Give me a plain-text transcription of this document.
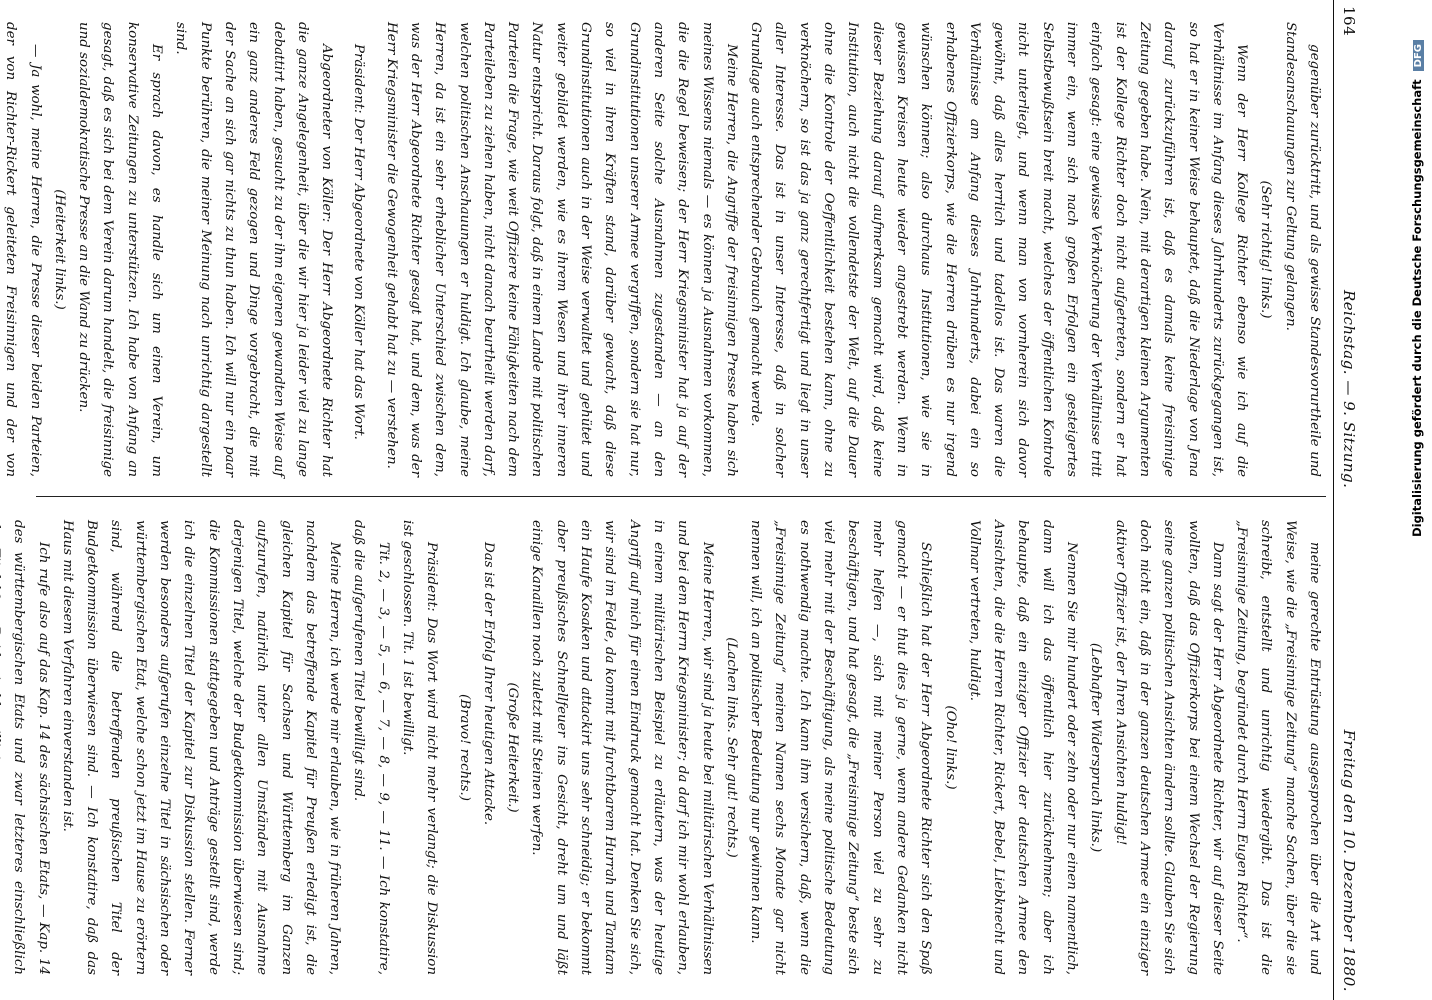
164
Reichstag. — 9. Sitzung.
Freitag den 10. Dezember 1880.

gegenüber zurücktritt, und als gewisse Standesvorurtheile und Standesanschauungen zur Geltung gelangen.

(Sehr richtig! links.)

Wenn der Herr Kollege Richter ebenso wie ich auf die Verhältnisse im Anfang dieses Jahrhunderts zurückgegangen ist, so hat er in keiner Weise behauptet, daß die Niederlage von Jena darauf zurückzuführen ist, daß es damals keine freisinnige Zeitung gegeben habe. Nein, mit derartigen kleinen Argumenten ist der Kollege Richter doch nicht aufgetreten, sondern er hat einfach gesagt: eine gewisse Verknöcherung der Verhältnisse tritt immer ein, wenn sich nach großen Erfolgen ein gesteigertes Selbstbewußtsein breit macht, welches der öffentlichen Kontrole nicht unterliegt, und wenn man von vornherein sich davor gewöhnt, daß alles herrlich und tadellos ist. Das waren die Verhältnisse am Anfang dieses Jahrhunderts, dabei ein so erhabenes Offizierkorps, wie die Herren drüben es nur irgend wünschen können; also durchaus Institutionen, wie sie in gewissen Kreisen heute wieder angestrebt werden. Wenn in dieser Beziehung darauf aufmerksam gemacht wird, daß keine Institution, auch nicht die vollendetste der Welt, auf die Dauer ohne die Kontrole der Oeffentlichkeit bestehen kann, ohne zu verknöchern, so ist das ja ganz gerechtfertigt und liegt in unser aller Interesse. Das ist in unser Interesse, daß in solcher Grundlage auch entsprechender Gebrauch gemacht werde.

Meine Herren, die Angriffe der freisinnigen Presse haben sich meines Wissens niemals — es können ja Ausnahmen vorkommen, die die Regel beweisen; der Herr Kriegsminister hat ja auf der anderen Seite solche Ausnahmen zugestanden — an den Grundinstitutionen unserer Armee vergriffen, sondern sie hat nur, so viel in ihren Kräften stand, darüber gewacht, daß diese Grundinstitutionen auch in der Weise verwaltet und gehütet und weiter gebildet werden, wie es ihrem Wesen und ihrer inneren Natur entspricht. Daraus folgt, daß in einem Lande mit politischen Parteien die Frage, wie weit Offiziere keine Fähigkeiten nach dem Parteileben zu ziehen haben, nicht danach beurtheilt werden darf, welchen politischen Anschauungen er huldigt. Ich glaube, meine Herren, da ist ein sehr erheblicher Unterschied zwischen dem, was der Herr Abgeordnete Richter gesagt hat, und dem, was der Herr Kriegsminister die Gewogenheit gehabt hat zu — verstehen.

Präsident: Der Herr Abgeordnete von Köller hat das Wort.

Abgeordneter von Köller: Der Herr Abgeordnete Richter hat die ganze Angelegenheit, über die wir hier ja leider viel zu lange debattirt haben, gesucht zu der ihm eigenen gewandten Weise auf ein ganz anderes Feld gezogen und Dinge vorgebracht, die mit der Sache an sich gar nichts zu thun haben. Ich will nur ein paar Punkte berühren, die meiner Meinung nach unrichtig dargestellt sind.

Er sprach davon, es handle sich um einen Verein, um konservative Zeitungen zu unterstützen. Ich habe von Anfang an gesagt, daß es sich bei dem Verein darum handelt, die freisinnige und sozialdemokratische Presse an die Wand zu drücken.

(Heiterkeit links.)

— Ja wohl, meine Herren, die Presse dieser beiden Parteien, der von Richter-Rickert geleiteten Freisinnigen und der von

meine gerechte Entrüstung ausgesprochen über die Art und Weise, wie die „Freisinnige Zeitung“ manche Sachen, über die sie schreibt, entstellt und unrichtig wiedergibt. Das ist die „Freisinnige Zeitung, begründet durch Herrn Eugen Richter“.

Dann sagt der Herr Abgeordnete Richter, wir auf dieser Seite wollten, daß das Offizierkorps bei einem Wechsel der Regierung seine ganzen politischen Ansichten ändern sollte. Glauben Sie sich doch nicht ein, daß in der ganzen deutschen Armee ein einziger aktiver Offizier ist, der Ihren Ansichten huldigt!

(Lebhafter Widerspruch links.)

Nennen Sie mir hundert oder zehn oder nur einen namentlich, dann will ich das öffentlich hier zurücknehmen; aber ich behaupte, daß ein einziger Offizier der deutschen Armee den Ansichten, die die Herren Richter, Rickert, Bebel, Liebknecht und Vollmar vertreten, huldigt.

(Oho! links.)

Schließlich hat der Herr Abgeordnete Richter sich den Spaß gemacht — er thut dies ja gerne, wenn andere Gedanken nicht mehr helfen —, sich mit meiner Person viel zu sehr zu beschäftigen, und hat gesagt, die „Freisinnige Zeitung“ beste sich viel mehr mit der Beschäftigung, als meine politische Bedeutung es nothwendig machte. Ich kann ihm versichern, daß, wenn die „Freisinnige Zeitung“ meinen Namen sechs Monate gar nicht nennen will, ich an politischer Bedeutung nur gewinnen kann.

(Lachen links. Sehr gut! rechts.)

Meine Herren, wir sind ja heute bei militärischen Verhältnissen und bei dem Herrn Kriegsminister; da darf ich mir wohl erlauben, in einem militärischen Beispiel zu erläutern, was der heutige Angriff auf mich für einen Eindruck gemacht hat. Denken Sie sich, wir sind im Felde, da kommt mit furchtbarem Hurrah und Tamtam ein Haufe Kosaken und attackirt uns sehr schneidig; er bekommt aber preußisches Schnellfeuer ins Gesicht, dreht um und läßt einige Kanaillen noch zuletzt mit Steinen werfen.

(Große Heiterkeit.)

Das ist der Erfolg Ihrer heutigen Attacke.

(Bravo! rechts.)

Präsident: Das Wort wird nicht mehr verlangt; die Diskussion ist geschlossen. Tit. 1 ist bewilligt.

Tit. 2, — 3, — 5, — 6, — 7, — 8, — 9, — 11. — Ich konstatire, daß die aufgerufenen Titel bewilligt sind.

Meine Herren, ich werde mir erlauben, wie in früheren Jahren, nachdem das betreffende Kapitel für Preußen erledigt ist, die gleichen Kapitel für Sachsen und Württemberg im Ganzen aufzurufen, natürlich unter allen Umständen mit Ausnahme derjenigen Titel, welche der Budgetkommission überwiesen sind; die Kommissionen stattgegeben und Anträge gestellt sind, werde ich die einzelnen Titel der Kapitel zur Diskussion stellen. Ferner werden besonders aufgerufen einzelne Titel in sächsischen oder württembergischen Etat, welche schon jetzt im Hause zu erörtern sind, während die betreffenden preußischen Titel der Budgetkommission überwiesen sind. — Ich konstatire, daß das Haus mit diesem Verfahren einverstanden ist.

Ich rufe also auf das Kap. 14 des sächsischen Etats, — Kap. 14 des württembergischen Etats und zwar letzteres einschließlich

Digitalisierung gefördert durch die Deutsche Forschungsgemeinschaft DFG
